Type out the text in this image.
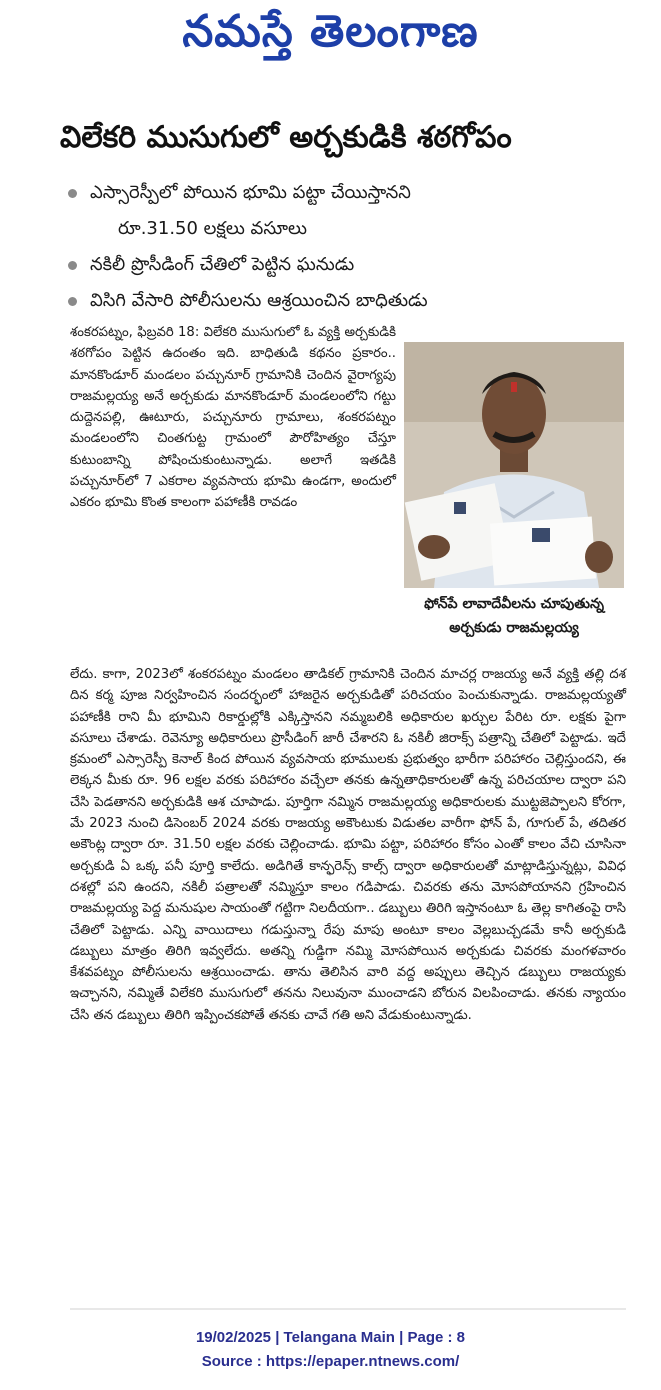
నమస్తే తెలంగాణ
విలేకరి ముసుగులో అర్చకుడికి శఠగోపం
ఎస్సారెస్పీలో పోయిన భూమి పట్టా చేయిస్తానని
రూ.31.50 లక్షలు వసూలు
నకిలీ ప్రొసీడింగ్ చేతిలో పెట్టిన ఘనుడు
విసిగి వేసారి పోలీసులను ఆశ్రయించిన బాధితుడు
ఫోన్‌పే లావాదేవీలను చూపుతున్న అర్చకుడు రాజమల్లయ్య

శంకరపట్నం, ఫిబ్రవరి 18: విలేకరి ముసుగులో ఓ వ్యక్తి అర్చకుడికి శఠగోపం పెట్టిన ఉదంతం ఇది. బాధితుడి కథనం ప్రకారం.. మానకొండూర్ మండలం పచ్చునూర్ గ్రామానికి చెందిన వైరాగ్యపు రాజమల్లయ్య అనే అర్చకుడు మానకొండూర్ మండలంలోని గట్టు దుద్దెనపల్లి, ఊటూరు, పచ్చునూరు గ్రామాలు, శంకరపట్నం మండలంలోని చింతగుట్ట గ్రామంలో పౌరోహిత్యం చేస్తూ కుటుంబాన్ని పోషించుకుంటున్నాడు. అలాగే ఇతడికి పచ్చునూర్‌లో 7 ఎకరాల వ్యవసాయ భూమి ఉండగా, అందులో ఎకరం భూమి కొంత కాలంగా పహాణీకి రావడం

లేదు. కాగా, 2023లో శంకరపట్నం మండలం తాడికల్ గ్రామానికి చెందిన మాచర్ల రాజయ్య అనే వ్యక్తి తల్లి దశ దిన కర్మ పూజ నిర్వహించిన సందర్భంలో హాజరైన అర్చకుడితో పరిచయం పెంచుకున్నాడు. రాజమల్లయ్యతో పహాణీకి రాని మీ భూమిని రికార్డుల్లోకి ఎక్కిస్తానని నమ్మబలికి అధికారుల ఖర్చుల పేరిట రూ. లక్షకు పైగా వసూలు చేశాడు. రెవెన్యూ అధికారులు ప్రొసీడింగ్ జారీ చేశారని ఓ నకిలీ జిరాక్స్ పత్రాన్ని చేతిలో పెట్టాడు. ఇదే క్రమంలో ఎస్సారెస్పీ కెనాల్ కింద పోయిన వ్యవసాయ భూములకు ప్రభుత్వం భారీగా పరిహారం చెల్లిస్తుందని, ఈ లెక్కన మీకు రూ. 96 లక్షల వరకు పరిహారం వచ్చేలా తనకు ఉన్నతాధికారులతో ఉన్న పరిచయాల ద్వారా పని చేసి పెడతానని అర్చకుడికి ఆశ చూపాడు. పూర్తిగా నమ్మిన రాజమల్లయ్య అధికారులకు ముట్టజెప్పాలని కోరగా, మే 2023 నుంచి డిసెంబర్ 2024 వరకు రాజయ్య అకౌంటుకు విడుతల వారీగా ఫోన్ పే, గూగుల్ పే, తదితర అకౌంట్ల ద్వారా రూ. 31.50 లక్షల వరకు చెల్లించాడు. భూమి పట్టా, పరిహారం కోసం ఎంతో కాలం వేచి చూసినా అర్చకుడి ఏ ఒక్క పనీ పూర్తి కాలేదు. అడిగితే కాన్ఫరెన్స్ కాల్స్ ద్వారా అధికారులతో మాట్లాడిస్తున్నట్లు, వివిధ దశల్లో పని ఉందని, నకిలీ పత్రాలతో నమ్మిస్తూ కాలం గడిపాడు. చివరకు తను మోసపోయానని గ్రహించిన రాజమల్లయ్య పెద్ద మనుషుల సాయంతో గట్టిగా నిలదీయగా.. డబ్బులు తిరిగి ఇస్తానంటూ ఓ తెల్ల కాగితంపై రాసి చేతిలో పెట్టాడు. ఎన్ని వాయిదాలు గడుస్తున్నా రేపు మాపు అంటూ కాలం వెల్లబుచ్చడమే కానీ అర్చకుడి డబ్బులు మాత్రం తిరిగి ఇవ్వలేదు. అతన్ని గుడ్డిగా నమ్మి మోసపోయిన అర్చకుడు చివరకు మంగళవారం కేశవపట్నం పోలీసులను ఆశ్రయించాడు. తాను తెలిసిన వారి వద్ద అప్పులు తెచ్చిన డబ్బులు రాజయ్యకు ఇచ్చానని, నమ్మితే విలేకరి ముసుగులో తనను నిలువునా ముంచాడని బోరున విలపించాడు. తనకు న్యాయం చేసి తన డబ్బులు తిరిగి ఇప్పించకపోతే తనకు చావే గతి అని వేడుకుంటున్నాడు.

19/02/2025 | Telangana Main | Page : 8
Source : https://epaper.ntnews.com/
